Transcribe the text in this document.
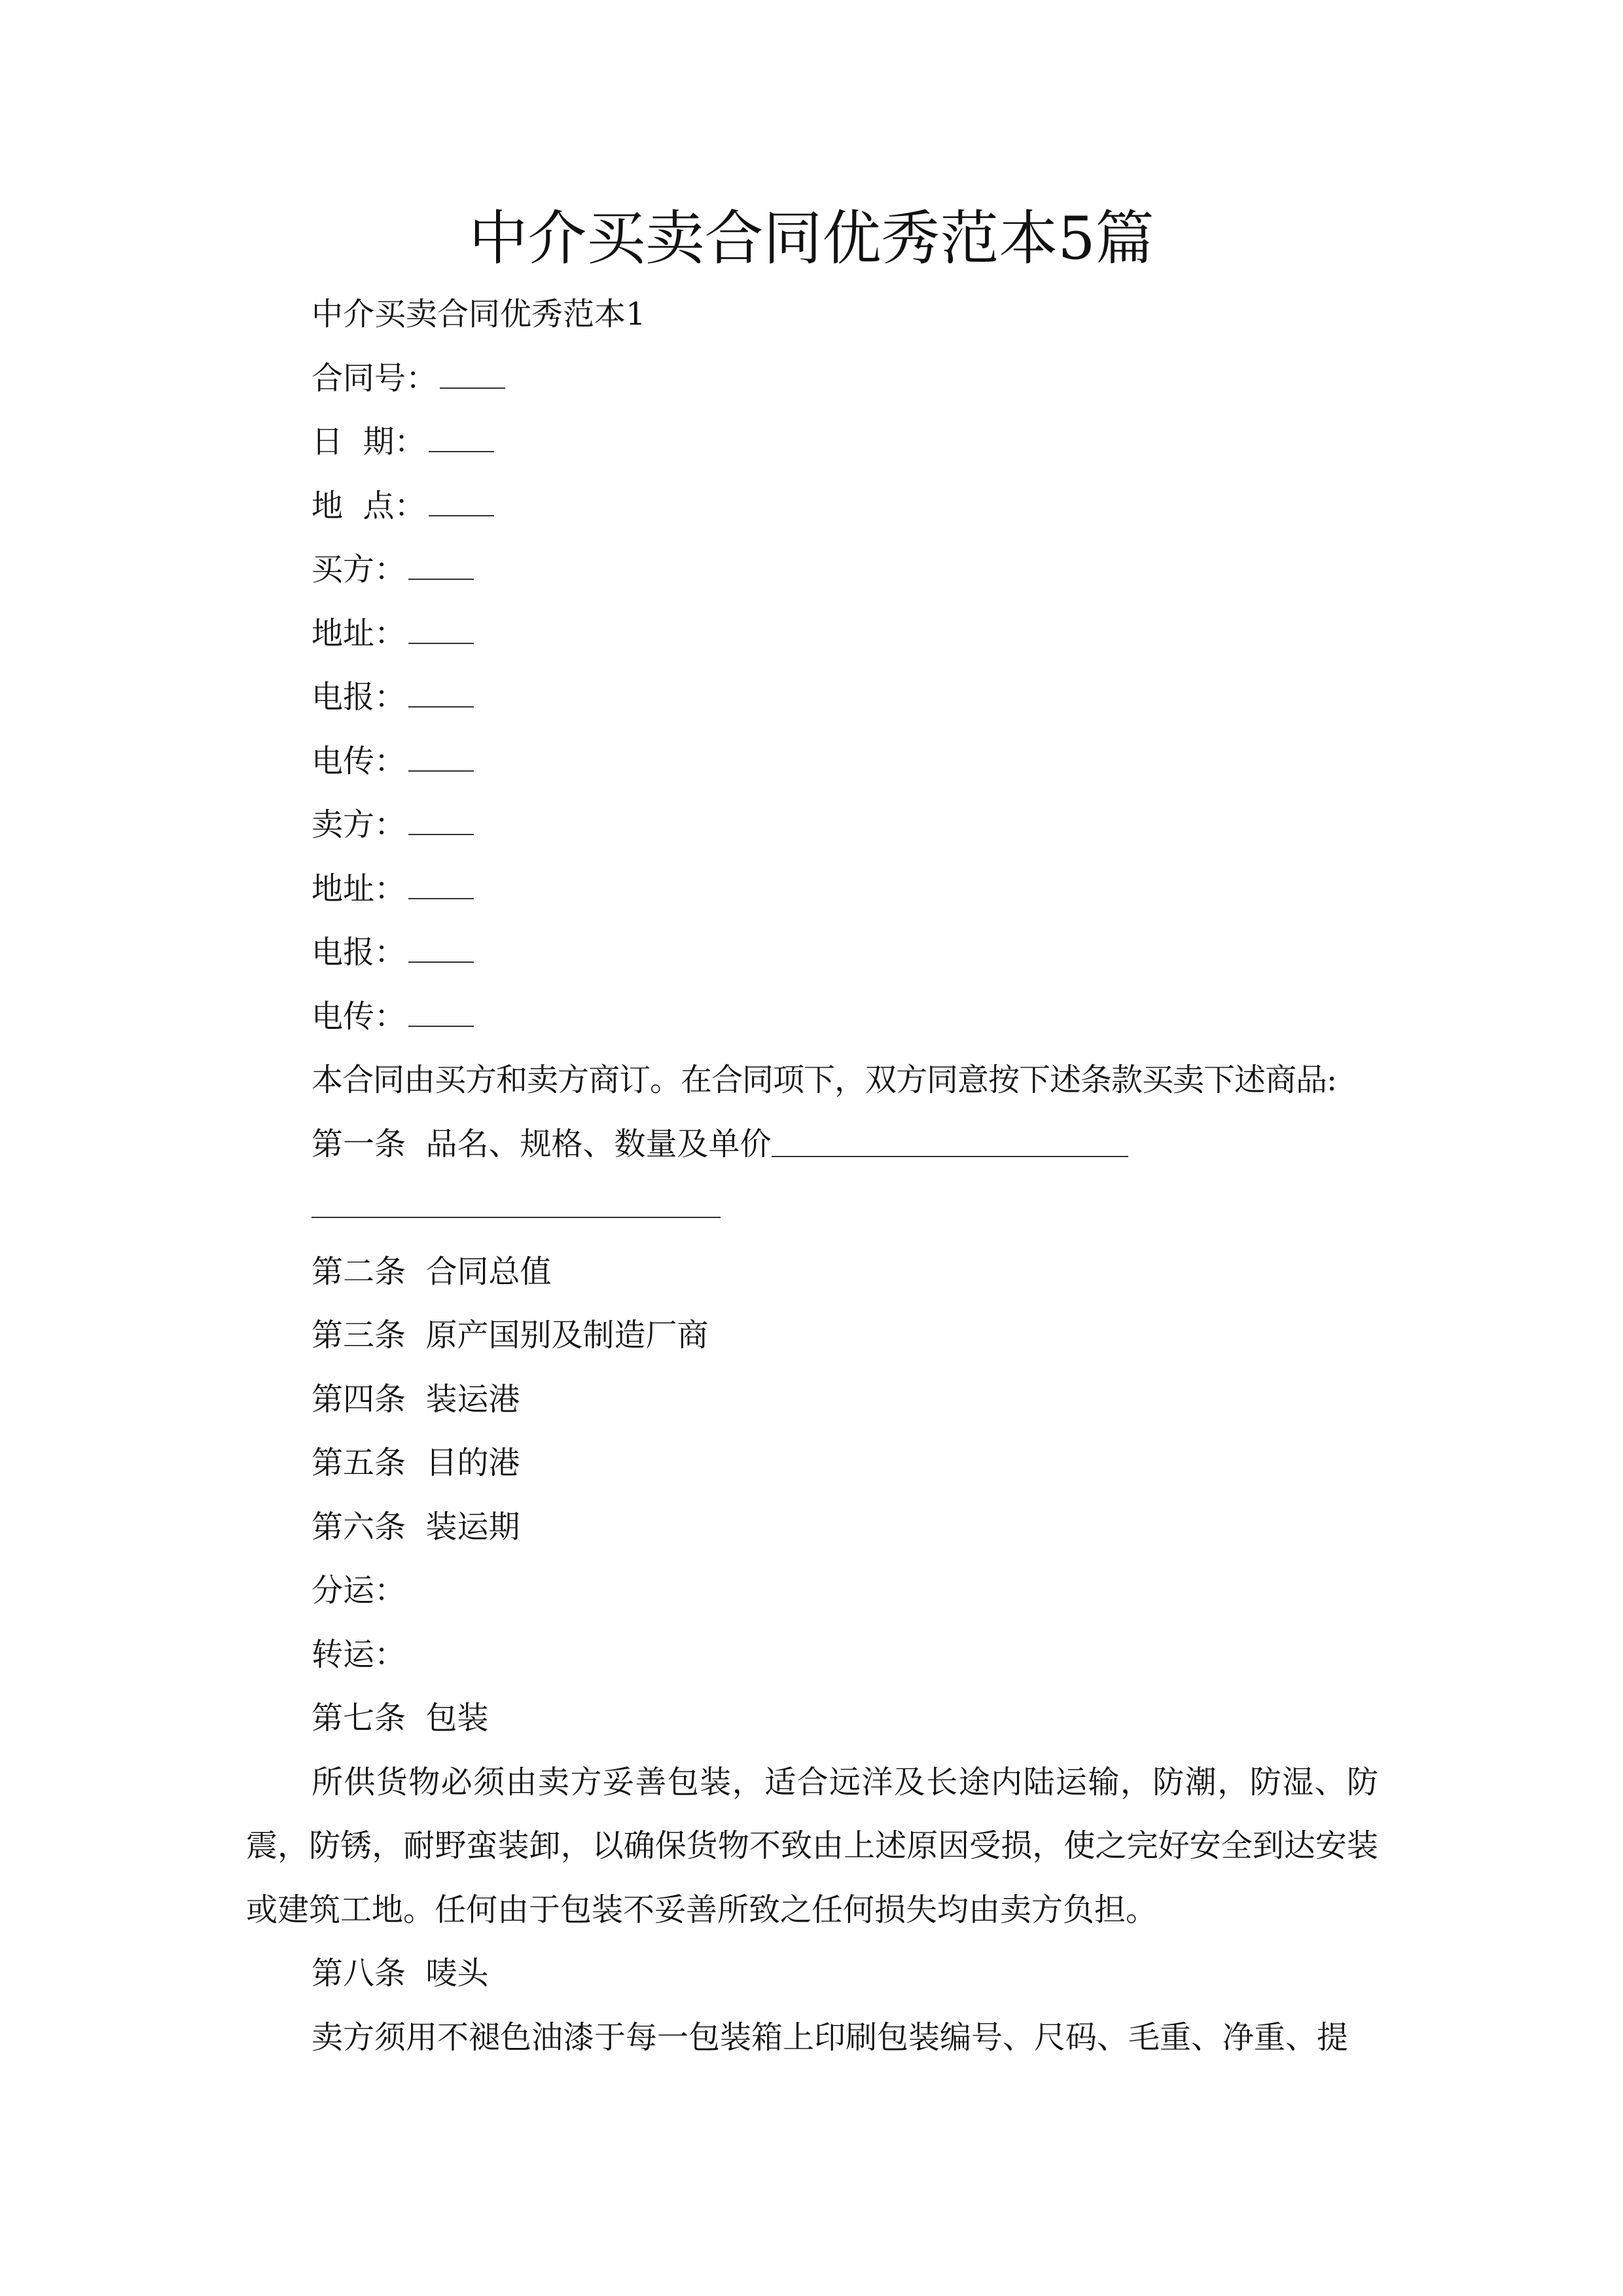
中介买卖合同优秀范本5篇
中介买卖合同优秀范本1
合同号：
日  期：
地  点：
买方：
地址：
电报：
电传：
卖方：
地址：
电报：
电传：
本合同由买方和卖方商订。在合同项下，双方同意按下述条款买卖下述商品:
第一条  品名、规格、数量及单价
第二条  合同总值
第三条  原产国别及制造厂商
第四条  装运港
第五条  目的港
第六条  装运期
分运：
转运：
第七条  包装
所供货物必须由卖方妥善包装，适合远洋及长途内陆运输，防潮，防湿、防震，防锈，耐野蛮装卸，以确保货物不致由上述原因受损，使之完好安全到达安装或建筑工地。任何由于包装不妥善所致之任何损失均由卖方负担。
第八条  唛头
卖方须用不褪色油漆于每一包装箱上印刷包装编号、尺码、毛重、净重、提
